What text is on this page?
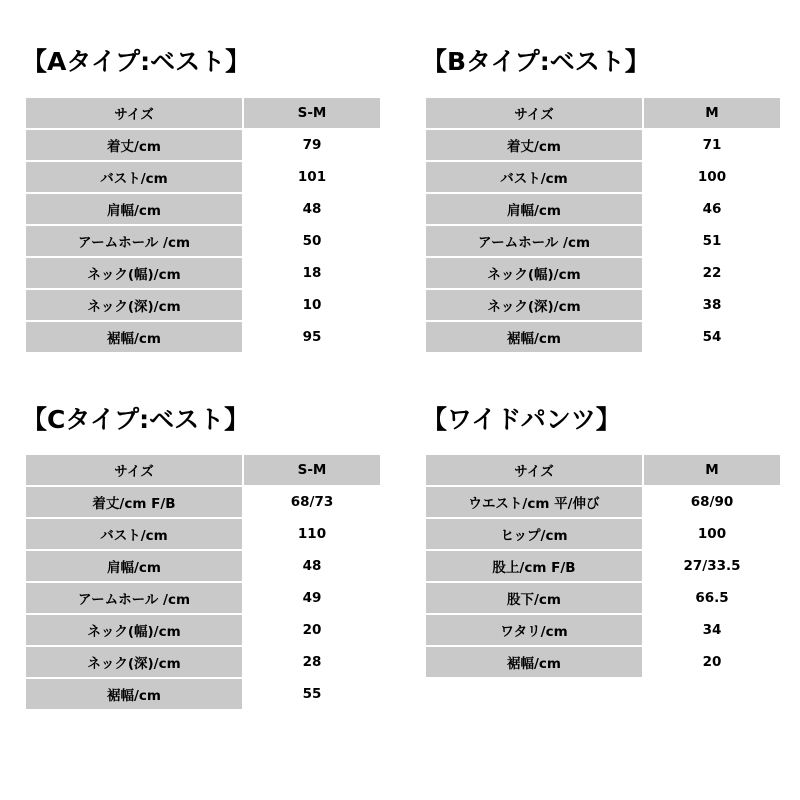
【Aタイプ:ベスト】
サイズ	S-M
着丈/cm	79
バスト/cm	101
肩幅/cm	48
アームホール /cm	50
ネック(幅)/cm	18
ネック(深)/cm	10
裾幅/cm	95
【Bタイプ:ベスト】
サイズ	M
着丈/cm	71
バスト/cm	100
肩幅/cm	46
アームホール /cm	51
ネック(幅)/cm	22
ネック(深)/cm	38
裾幅/cm	54
【Cタイプ:ベスト】
サイズ	S-M
着丈/cm F/B	68/73
バスト/cm	110
肩幅/cm	48
アームホール /cm	49
ネック(幅)/cm	20
ネック(深)/cm	28
裾幅/cm	55
【ワイドパンツ】
サイズ	M
ウエスト/cm 平/伸び	68/90
ヒップ/cm	100
股上/cm F/B	27/33.5
股下/cm	66.5
ワタリ/cm	34
裾幅/cm	20
